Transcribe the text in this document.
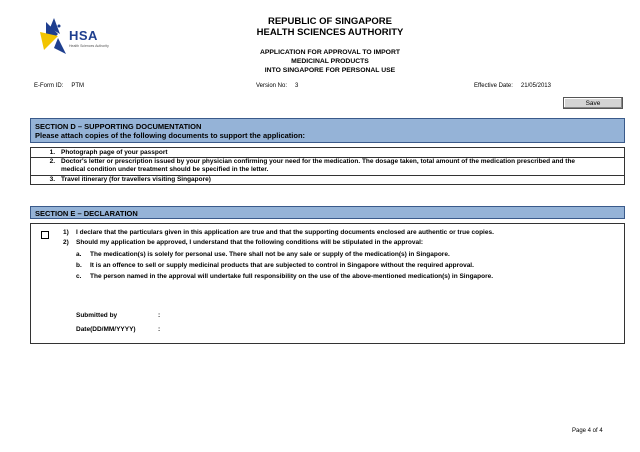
HSA
Health Sciences Authority
REPUBLIC OF SINGAPORE
HEALTH SCIENCES AUTHORITY
APPLICATION FOR APPROVAL TO IMPORT
MEDICINAL PRODUCTS
INTO SINGAPORE FOR PERSONAL USE
E-Form ID: PTM	Version No: 3	Effective Date: 21/05/2013
Save
SECTION D – SUPPORTING DOCUMENTATION
Please attach copies of the following documents to support the application:
1. Photograph page of your passport
2. Doctor's letter or prescription issued by your physician confirming your need for the medication. The dosage taken, total amount of the medication prescribed and the medical condition under treatment should be specified in the letter.
3. Travel itinerary (for travellers visiting Singapore)
SECTION E – DECLARATION
1) I declare that the particulars given in this application are true and that the supporting documents enclosed are authentic or true copies.
2) Should my application be approved, I understand that the following conditions will be stipulated in the approval:
a. The medication(s) is solely for personal use. There shall not be any sale or supply of the medication(s) in Singapore.
b. It is an offence to sell or supply medicinal products that are subjected to control in Singapore without the required approval.
c. The person named in the approval will undertake full responsibility on the use of the above-mentioned medication(s) in Singapore.
Submitted by	:
Date(DD/MM/YYYY)	:
Page 4 of 4
